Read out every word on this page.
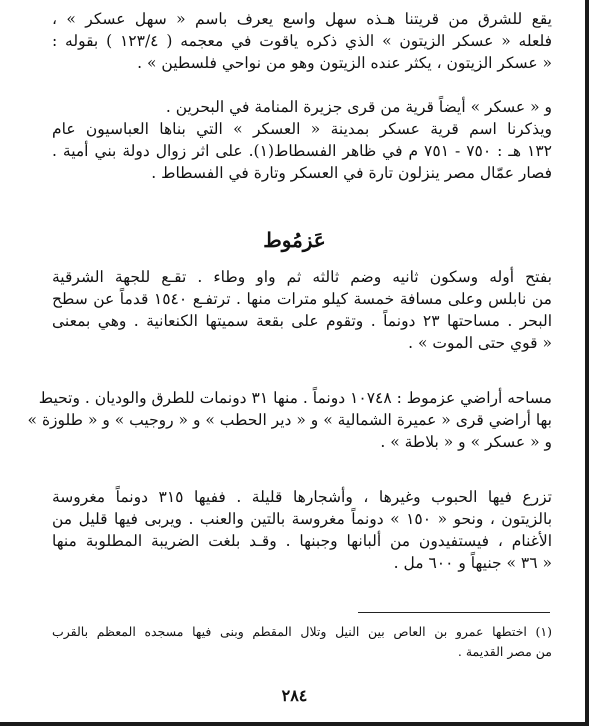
يقع للشرق من قريتنا هـذه سهل واسع يعرف باسم « سهل عسكر » ،
فلعله « عسكر الزيتون » الذي ذكره ياقوت في معجمه ( ١٢٣/٤ ) بقوله :
« عسكر الزيتون ، يكثر عنده الزيتون وهو من نواحي فلسطين » .
و « عسكر » أيضاً قرية من قرى جزيرة المنامة في البحرين .
ويذكرنا اسم قرية عسكر بمدينة « العسكر » التي بناها العباسيون عام
١٣٢ هـ : ٧٥٠ - ٧٥١ م في ظاهر الفسطاط(١). على اثر زوال دولة بني أمية .
فصار عمّال مصر ينزلون تارة في العسكر وتارة في الفسطاط .
عَزمُوط
بفتح أوله وسكون ثانيه وضم ثالثه ثم واو وطاء . تقـع للجهة الشرقية
من نابلس وعلى مسافة خمسة كيلو مترات منها . ترتفـع ١٥٤٠ قدماً عن سطح
البحر . مساحتها ٢٣ دونماً . وتقوم على بقعة سميتها الكنعانية . وهي بمعنى
« قوي حتى الموت » .
مساحه أراضي عزموط : ١٠٧٤٨ دونماً . منها ٣١ دونمات للطرق والوديان . وتحيط
بها أراضي قرى « عميرة الشمالية » و « دير الحطب » و « روجيب » و « طلوزة »
و « عسكر » و « بلاطة » .
تزرع فيها الحبوب وغيرها ، وأشجارها قليلة . ففيها ٣١٥ دونماً مغروسة
بالزيتون ، ونحو « ١٥٠ » دونماً مغروسة بالتين والعنب . ويربى فيها قليل من
الأغنام ، فيستفيدون من ألبانها وجبنها . وقـد بلغت الضريبة المطلوبة منها
« ٣٦ » جنيهاً و ٦٠٠ مل .
(١) اختطها عمرو بن العاص بين النيل وتلال المقطم وبنى فيها مسجده المعظم بالقرب
من مصر القديمة .
٢٨٤
